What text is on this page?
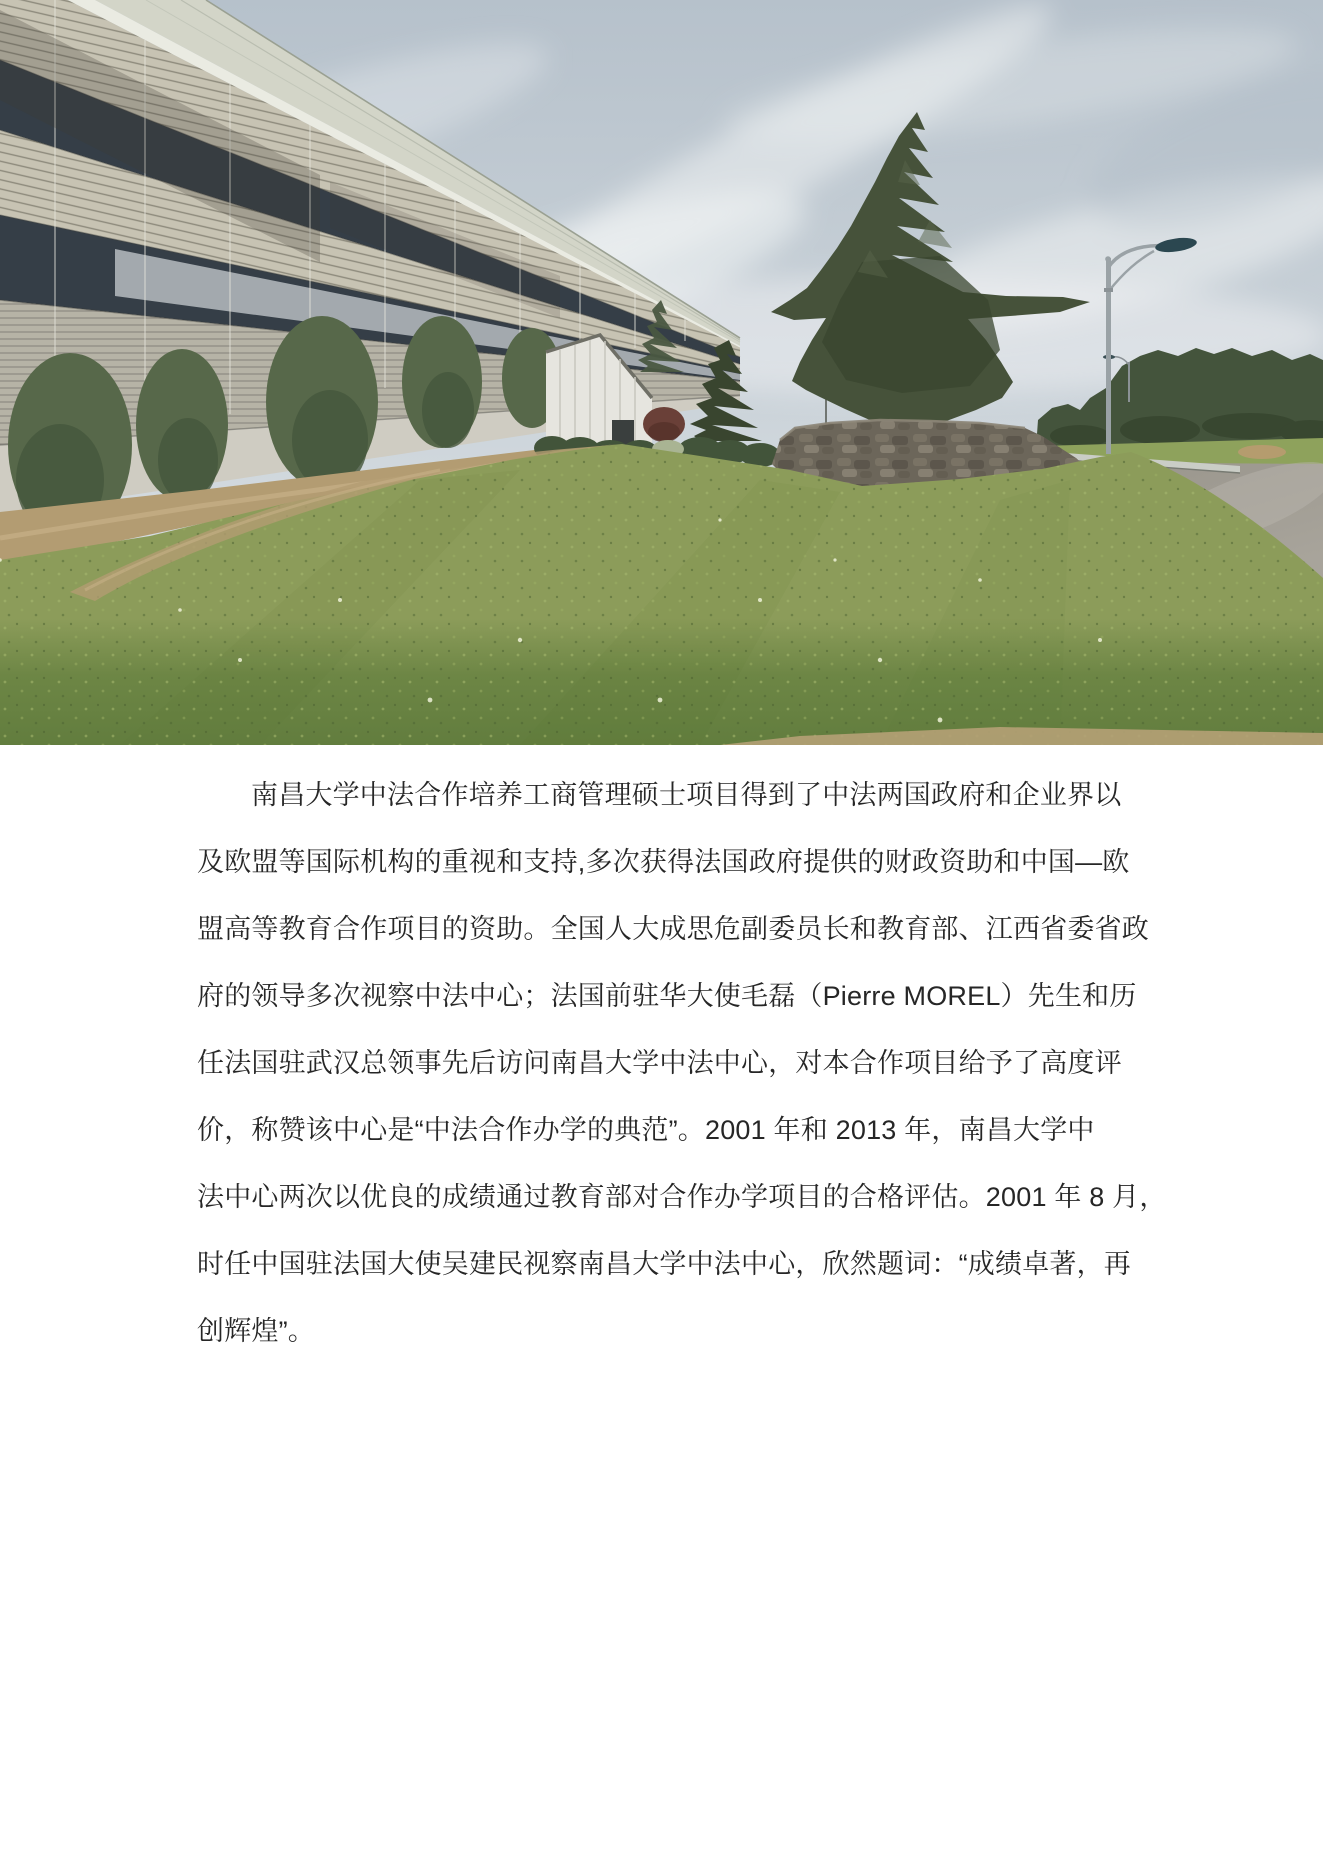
南昌大学中法合作培养工商管理硕士项目得到了中法两国政府和企业界以
及欧盟等国际机构的重视和支持,多次获得法国政府提供的财政资助和中国—欧
盟高等教育合作项目的资助。全国人大成思危副委员长和教育部、江西省委省政
府的领导多次视察中法中心；法国前驻华大使毛磊（Pierre MOREL）先生和历
任法国驻武汉总领事先后访问南昌大学中法中心，对本合作项目给予了高度评
价，称赞该中心是“中法合作办学的典范”。2001 年和 2013 年，南昌大学中
法中心两次以优良的成绩通过教育部对合作办学项目的合格评估。2001 年 8 月，
时任中国驻法国大使吴建民视察南昌大学中法中心，欣然题词：“成绩卓著，再
创辉煌”。
